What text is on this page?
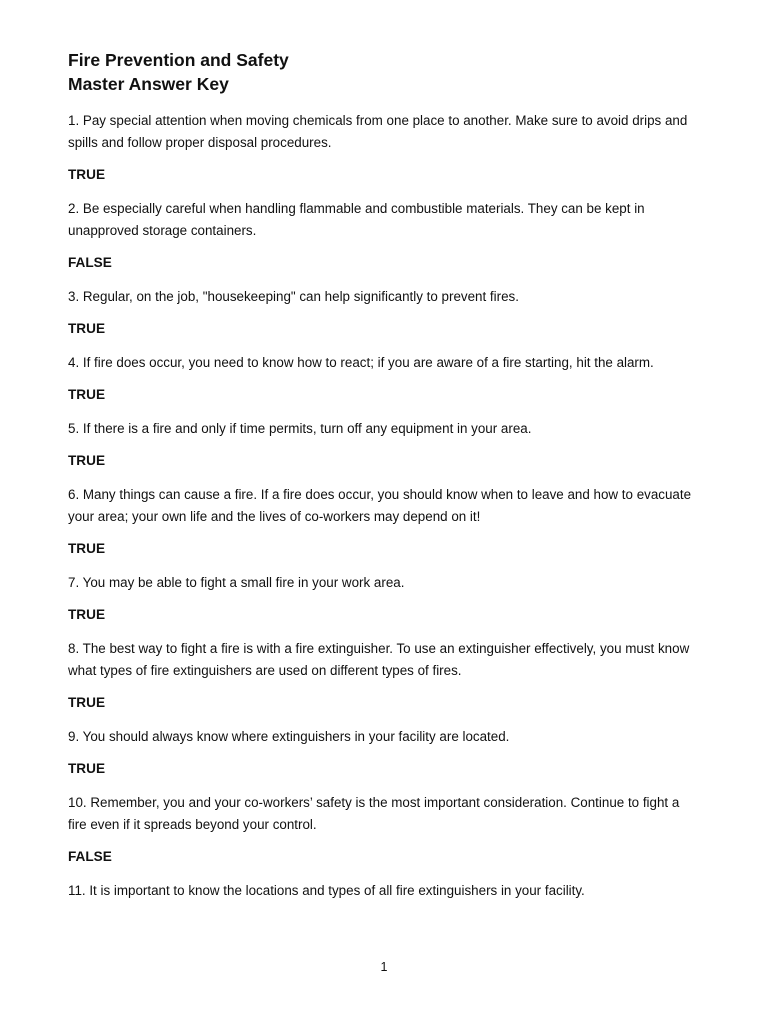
Fire Prevention and Safety

Master Answer Key

1. Pay special attention when moving chemicals from one place to another. Make sure to avoid drips and spills and follow proper disposal procedures.

TRUE

2. Be especially careful when handling flammable and combustible materials. They can be kept in unapproved storage containers.

FALSE

3. Regular, on the job, "housekeeping" can help significantly to prevent fires.

TRUE

4. If fire does occur, you need to know how to react; if you are aware of a fire starting, hit the alarm.

TRUE

5. If there is a fire and only if time permits, turn off any equipment in your area.

TRUE

6. Many things can cause a fire. If a fire does occur, you should know when to leave and how to evacuate your area; your own life and the lives of co-workers may depend on it!

TRUE

7. You may be able to fight a small fire in your work area.

TRUE

8. The best way to fight a fire is with a fire extinguisher. To use an extinguisher effectively, you must know what types of fire extinguishers are used on different types of fires.

TRUE

9. You should always know where extinguishers in your facility are located.

TRUE

10. Remember, you and your co-workers’ safety is the most important consideration. Continue to fight a fire even if it spreads beyond your control.

FALSE

11. It is important to know the locations and types of all fire extinguishers in your facility.

1
